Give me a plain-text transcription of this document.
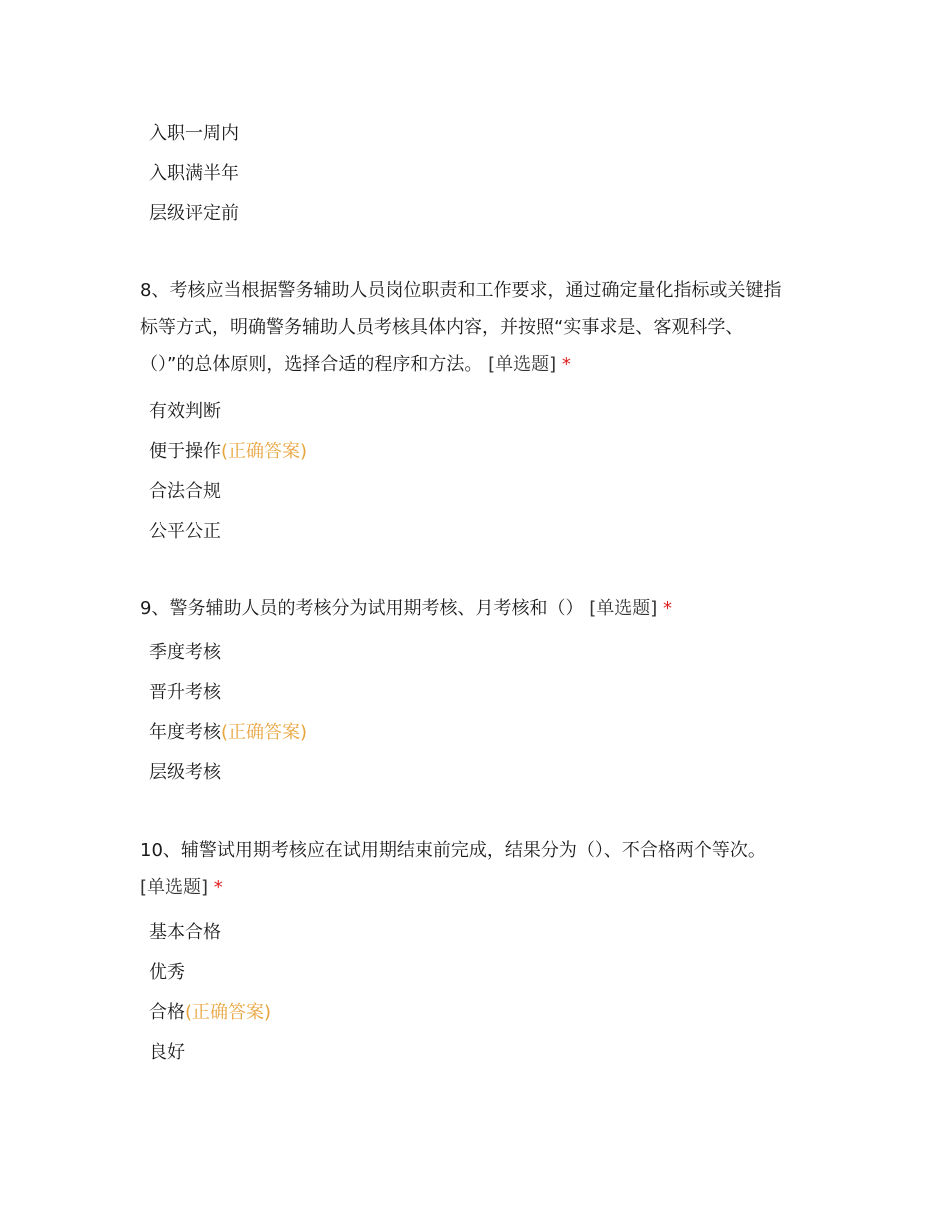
入职一周内
入职满半年
层级评定前
8、考核应当根据警务辅助人员岗位职责和工作要求，通过确定量化指标或关键指
标等方式，明确警务辅助人员考核具体内容，并按照“实事求是、客观科学、
（）”的总体原则，选择合适的程序和方法。 [单选题] *
有效判断
便于操作(正确答案)
合法合规
公平公正
9、警务辅助人员的考核分为试用期考核、月考核和（） [单选题] *
季度考核
晋升考核
年度考核(正确答案)
层级考核
10、辅警试用期考核应在试用期结束前完成，结果分为（）、不合格两个等次。
[单选题] *
基本合格
优秀
合格(正确答案)
良好
